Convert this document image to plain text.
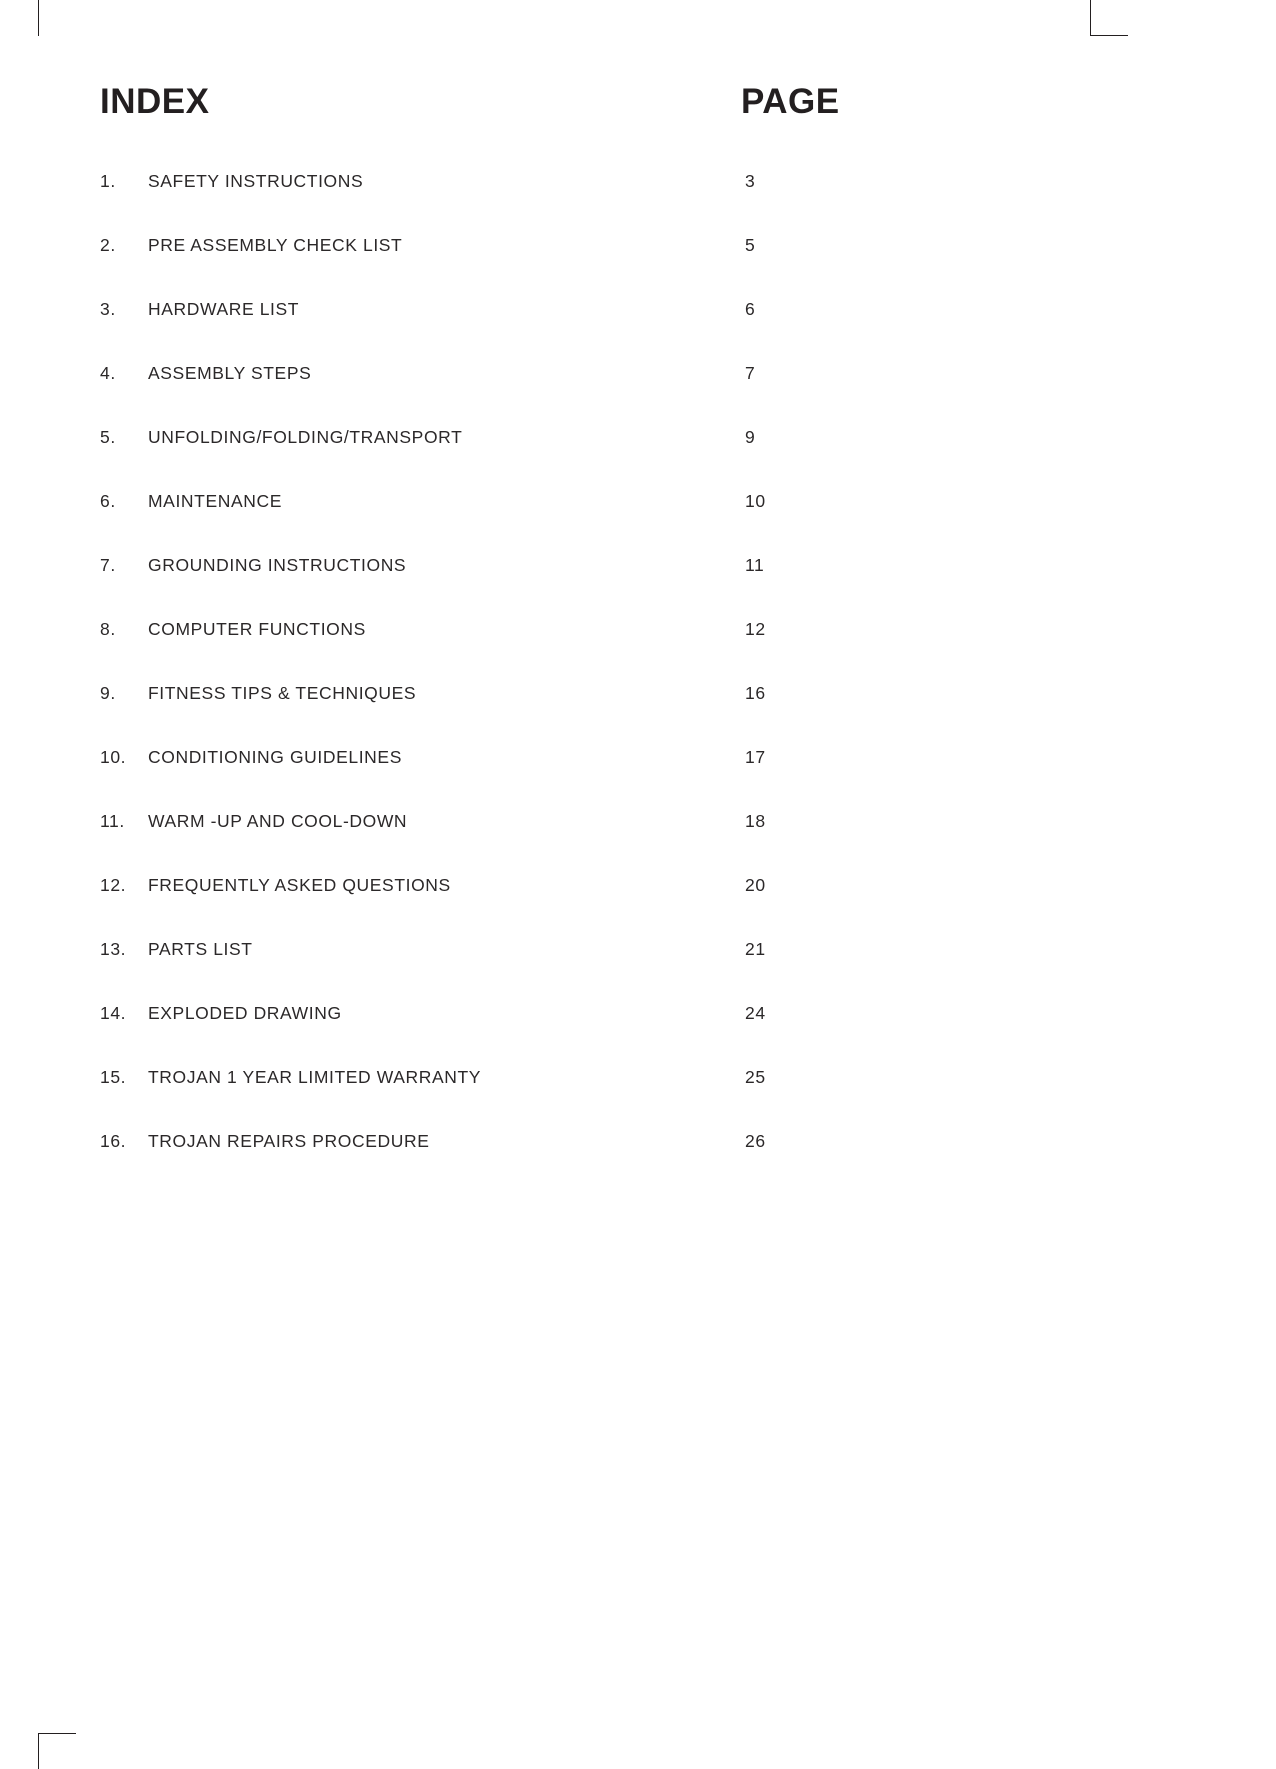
INDEX	PAGE
1.	SAFETY INSTRUCTIONS	3
2.	PRE ASSEMBLY CHECK LIST	5
3.	HARDWARE LIST	6
4.	ASSEMBLY STEPS	7
5.	UNFOLDING/FOLDING/TRANSPORT	9
6.	MAINTENANCE	10
7.	GROUNDING INSTRUCTIONS	11
8.	COMPUTER FUNCTIONS	12
9.	FITNESS TIPS & TECHNIQUES	16
10.	CONDITIONING GUIDELINES	17
11.	WARM -UP AND COOL-DOWN	18
12.	FREQUENTLY ASKED QUESTIONS	20
13.	PARTS LIST	21
14.	EXPLODED DRAWING	24
15.	TROJAN 1 YEAR LIMITED WARRANTY	25
16.	TROJAN REPAIRS PROCEDURE	26
